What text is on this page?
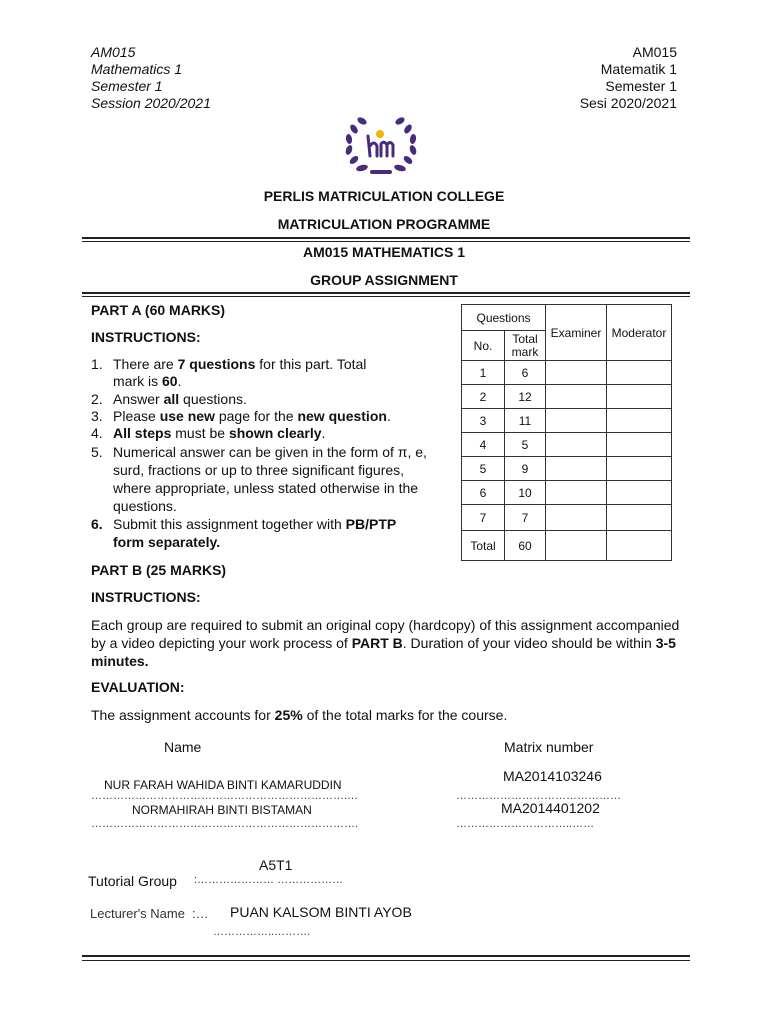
AM015
Mathematics 1
Semester 1
Session 2020/2021
AM015
Matematik 1
Semester 1
Sesi 2020/2021
PERLIS MATRICULATION COLLEGE
MATRICULATION PROGRAMME
AM015 MATHEMATICS 1
GROUP ASSIGNMENT
PART A (60 MARKS)
INSTRUCTIONS:
1. There are 7 questions for this part. Total
mark is 60.
2. Answer all questions.
3. Please use new page for the new question.
4. All steps must be shown clearly.
5. Numerical answer can be given in the form of π, e,
surd, fractions or up to three significant figures,
where appropriate, unless stated otherwise in the
questions.
6. Submit this assignment together with PB/PTP
form separately.
Questions		Examiner	Moderator
No.	Total mark		
1	6		
2	12		
3	11		
4	5		
5	9		
6	10		
7	7		
Total	60		
PART B (25 MARKS)
INSTRUCTIONS:
Each group are required to submit an original copy (hardcopy) of this assignment accompanied
by a video depicting your work process of PART B. Duration of your video should be within 3-5
minutes.
EVALUATION:
The assignment accounts for 25% of the total marks for the course.
Name	Matrix number
NUR FARAH WAHIDA BINTI KAMARUDDIN
…………………………………………………………….…
MA2014103246
………………………………………
NORMAHIRAH BINTI BISTAMAN
……………………………………………………………….
MA2014401202
…………………………..……
A5T1
Tutorial Group :………………… ………………
Lecturer's Name :… PUAN KALSOM BINTI AYOB
……………..……….
